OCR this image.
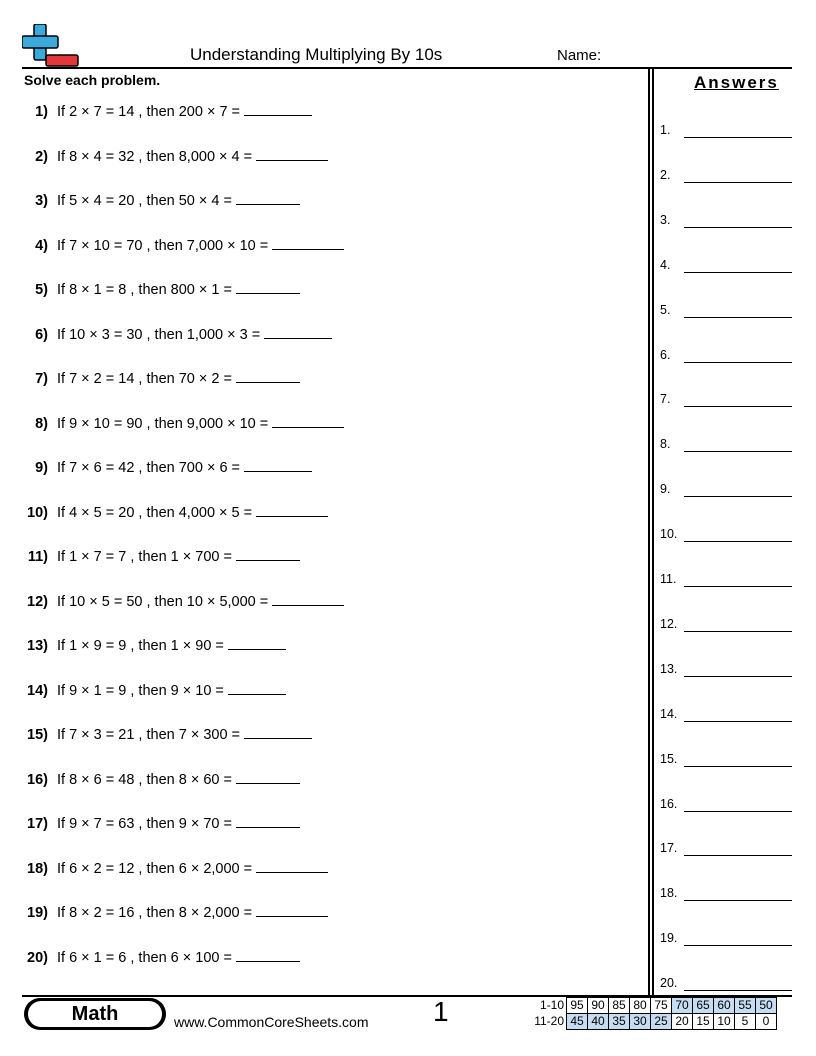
Understanding Multiplying By 10s	Name:
Solve each problem.	Answers
1) If 2 × 7 = 14 , then 200 × 7 =
2) If 8 × 4 = 32 , then 8,000 × 4 =
3) If 5 × 4 = 20 , then 50 × 4 =
4) If 7 × 10 = 70 , then 7,000 × 10 =
5) If 8 × 1 = 8 , then 800 × 1 =
6) If 10 × 3 = 30 , then 1,000 × 3 =
7) If 7 × 2 = 14 , then 70 × 2 =
8) If 9 × 10 = 90 , then 9,000 × 10 =
9) If 7 × 6 = 42 , then 700 × 6 =
10) If 4 × 5 = 20 , then 4,000 × 5 =
11) If 1 × 7 = 7 , then 1 × 700 =
12) If 10 × 5 = 50 , then 10 × 5,000 =
13) If 1 × 9 = 9 , then 1 × 90 =
14) If 9 × 1 = 9 , then 9 × 10 =
15) If 7 × 3 = 21 , then 7 × 300 =
16) If 8 × 6 = 48 , then 8 × 60 =
17) If 9 × 7 = 63 , then 9 × 70 =
18) If 6 × 2 = 12 , then 6 × 2,000 =
19) If 8 × 2 = 16 , then 8 × 2,000 =
20) If 6 × 1 = 6 , then 6 × 100 =
1.
2.
3.
4.
5.
6.
7.
8.
9.
10.
11.
12.
13.
14.
15.
16.
17.
18.
19.
20.
Math	www.CommonCoreSheets.com 1	1-10	95	90	85	80	75	70	65	60	55	50
11-20	45	40	35	30	25	20	15	10	5	0
